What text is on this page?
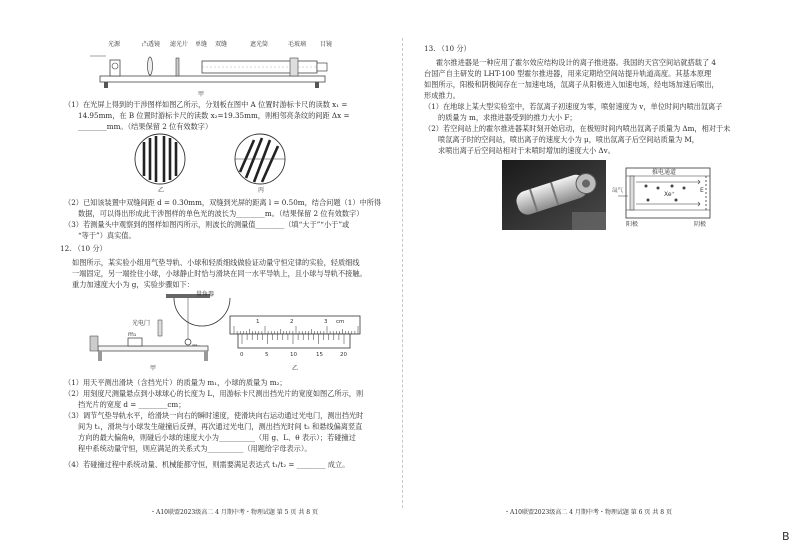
光源	凸透镜 滤光片 单缝 双缝	遮光筒	毛玻璃 目镜
甲
（1）在光屏上得到的干涉图样如图乙所示，分划板在图中 A 位置时游标卡尺的读数 x₁ =
14.95mm，在 B 位置时游标卡尺的读数 x₂=19.35mm，则相邻亮条纹的间距 Δx =
________mm。（结果保留 2 位有效数字）
乙	丙
（2）已知该装置中双缝间距 d = 0.30mm，双缝到光屏的距离 l = 0.50m，结合问题（1）中所得
数据，可以得出形成此干涉图样的单色光的波长为________m。（结果保留 2 位有效数字）
（3）若测量头中观察到的图样如图丙所示，则波长的测量值________（填“大于”“小于”或
“等于”）真实值。
12. （10 分）
如图所示，某实验小组用气垫导轨、小球和轻质细线做验证动量守恒定律的实验，轻质细线
一端固定，另一端拴住小球，小球静止时恰与滑块在同一水平导轨上，且小球与导轨不接触。
重力加速度大小为 g，实验步骤如下：
量角器
光电门
m₁
甲
cm
1	2	3
0	5	10	15	20
乙
（1）用天平测出滑块（含挡光片）的质量为 m₁，小球的质量为 m₂；
（2）用刻度尺测量悬点到小球球心的长度为 L，用游标卡尺测出挡光片的宽度如图乙所示，则
挡光片的宽度 d = ________cm；
（3）调节气垫导轨水平，给滑块一向右的瞬时速度，使滑块向右运动通过光电门，测出挡光时
间为 t₁，滑块与小球发生碰撞后反弹，再次通过光电门，测出挡光时间 t₂ 和悬线偏离竖直
方向的最大偏角θ，则碰后小球的速度大小为__________（用 g、L、θ 表示）；若碰撞过
程中系统动量守恒，则应满足的关系式为__________（用题给字母表示）。
（4）若碰撞过程中系统动量、机械能都守恒，则需要满足表达式 t₁/t₂ = ________ 成立。
・A10联盟2023级高二 4 月期中考・物理试题 第 5 页 共 8 页
13. （10 分）
霍尔推进器是一种应用了霍尔效应结构设计的离子推进器。我国的天宫空间站就搭载了 4
台国产自主研发的 LHT-100 型霍尔推进器，用来定期给空间站提升轨道高度。其基本原理
如图所示，阳极和阴极间存在一加速电场，氙离子从阳极进入加速电场，经电场加速后喷出，
形成推力。
（1）在地球上某大型实验室中，若氙离子初速度为零，喷射速度为 v，单位时间内喷出氙离子
的质量为 m，求推进器受到的推力大小 F；
（2）若空间站上的霍尔推进器某时刻开始启动，在极短时间内喷出氙离子质量为 Δm，相对于未
喷氙离子时的空间站，喷出离子的速度大小为 μ，喷出氙离子后空间站质量为 M，
求喷出离子后空间站相对于未喷时增加的速度大小 Δv。
推电通道
E
Xe⁺
氙气
阳极	阴极
・A10联盟2023级高二 4 月期中考・物理试题 第 6 页 共 8 页
B
